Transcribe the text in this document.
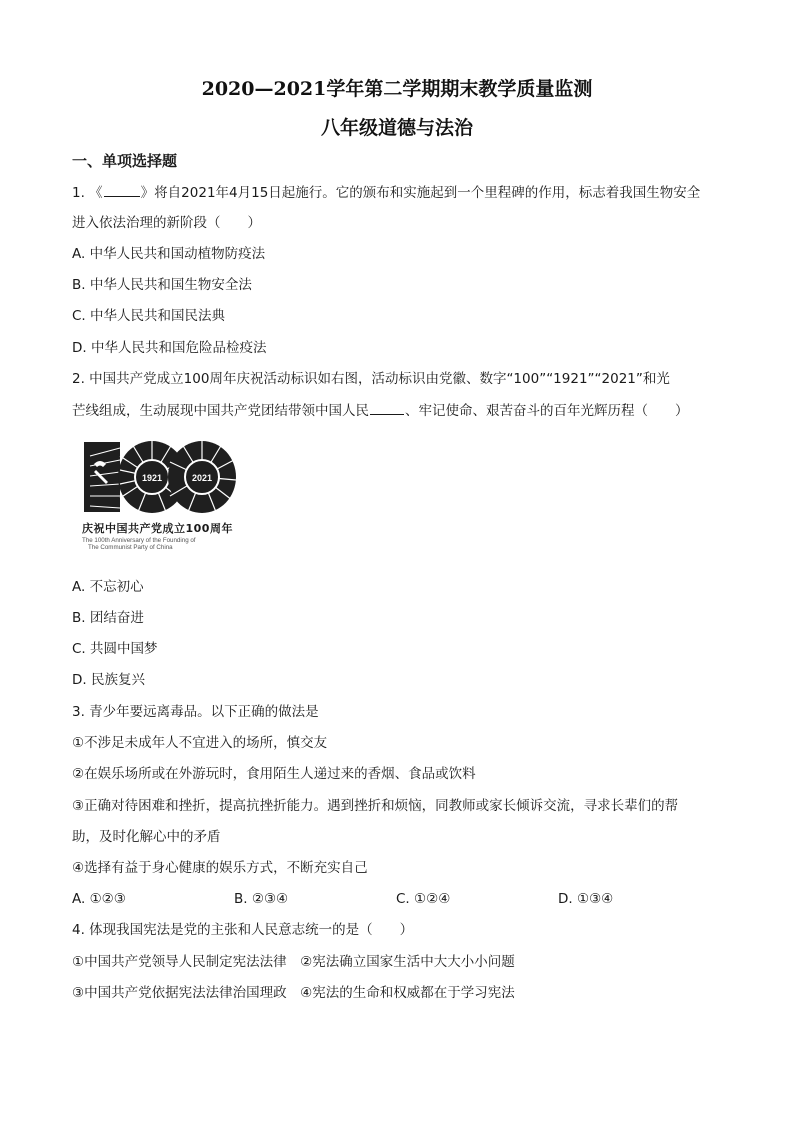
2020—2021学年第二学期期末教学质量监测
八年级道德与法治
一、单项选择题
1. 《	》将自2021年4月15日起施行。它的颁布和实施起到一个里程碑的作用，标志着我国生物安全
进入依法治理的新阶段（　　）
A. 中华人民共和国动植物防疫法
B. 中华人民共和国生物安全法
C. 中华人民共和国民法典
D. 中华人民共和国危险品检疫法
2. 中国共产党成立100周年庆祝活动标识如右图，活动标识由党徽、数字“100”“1921”“2021”和光
芒线组成，生动展现中国共产党团结带领中国人民	、牢记使命、艰苦奋斗的百年光辉历程（　　）
1921	2021
庆祝中国共产党成立100周年
The 100th Anniversary of the Founding of
The Communist Party of China
A. 不忘初心
B. 团结奋进
C. 共圆中国梦
D. 民族复兴
3. 青少年要远离毒品。以下正确的做法是
①不涉足未成年人不宜进入的场所，慎交友
②在娱乐场所或在外游玩时，食用陌生人递过来的香烟、食品或饮料
③正确对待困难和挫折，提高抗挫折能力。遇到挫折和烦恼，同教师或家长倾诉交流，寻求长辈们的帮
助，及时化解心中的矛盾
④选择有益于身心健康的娱乐方式，不断充实自己
A. ①②③	B. ②③④	C. ①②④	D. ①③④
4. 体现我国宪法是党的主张和人民意志统一的是（　　）
①中国共产党领导人民制定宪法法律　②宪法确立国家生活中大大小小问题
③中国共产党依据宪法法律治国理政　④宪法的生命和权威都在于学习宪法
